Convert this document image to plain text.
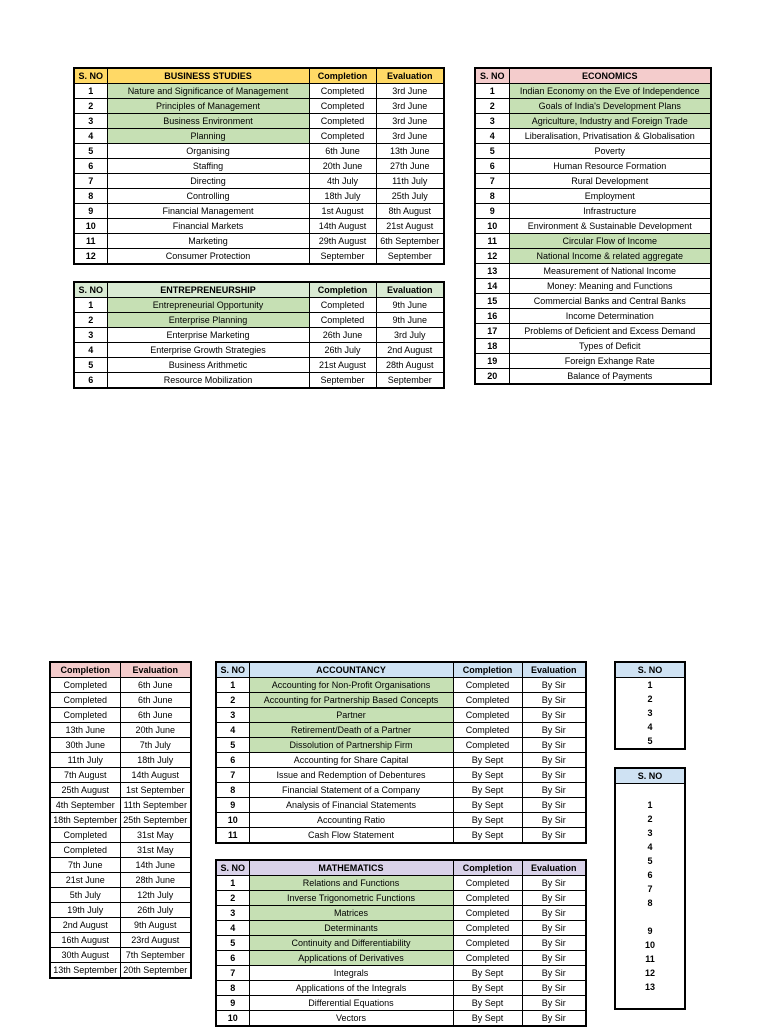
S. NO	BUSINESS STUDIES	Completion	Evaluation
1	Nature and Significance of Management	Completed	3rd June
2	Principles of Management	Completed	3rd June
3	Business Environment	Completed	3rd June
4	Planning	Completed	3rd June
5	Organising	6th June	13th June
6	Staffing	20th June	27th June
7	Directing	4th July	11th July
8	Controlling	18th July	25th July
9	Financial Management	1st August	8th August
10	Financial Markets	14th August	21st August
11	Marketing	29th August	6th September
12	Consumer Protection	September	September
S. NO	ENTREPRENEURSHIP	Completion	Evaluation
1	Entrepreneurial Opportunity	Completed	9th June
2	Enterprise Planning	Completed	9th June
3	Enterprise Marketing	26th June	3rd July
4	Enterprise Growth Strategies	26th July	2nd August
5	Business Arithmetic	21st August	28th August
6	Resource Mobilization	September	September
S. NO	ECONOMICS
1	Indian Economy on the Eve of Independence
2	Goals of India's Development Plans
3	Agriculture, Industry and Foreign Trade
4	Liberalisation, Privatisation & Globalisation
5	Poverty
6	Human Resource Formation
7	Rural Development
8	Employment
9	Infrastructure
10	Environment & Sustainable Development
11	Circular Flow of Income
12	National Income & related aggregate
13	Measurement of National Income
14	Money: Meaning and Functions
15	Commercial Banks and Central Banks
16	Income Determination
17	Problems of Deficient and Excess Demand
18	Types of Deficit
19	Foreign Exhange Rate
20	Balance of Payments
Completion	Evaluation
Completed	6th June
Completed	6th June
Completed	6th June
13th June	20th June
30th June	7th July
11th July	18th July
7th August	14th August
25th August	1st September
4th September	11th September
18th September	25th September
Completed	31st May
Completed	31st May
7th June	14th June
21st June	28th June
5th July	12th July
19th July	26th July
2nd August	9th August
16th August	23rd August
30th August	7th September
13th September	20th September
S. NO	ACCOUNTANCY	Completion	Evaluation
1	Accounting for Non-Profit Organisations	Completed	By Sir
2	Accounting for Partnership Based Concepts	Completed	By Sir
3	Partner	Completed	By Sir
4	Retirement/Death of a Partner	Completed	By Sir
5	Dissolution of Partnership Firm	Completed	By Sir
6	Accounting for Share Capital	By Sept	By Sir
7	Issue and Redemption of Debentures	By Sept	By Sir
8	Financial Statement of a Company	By Sept	By Sir
9	Analysis of Financial Statements	By Sept	By Sir
10	Accounting Ratio	By Sept	By Sir
11	Cash Flow Statement	By Sept	By Sir
S. NO	MATHEMATICS	Completion	Evaluation
1	Relations and Functions	Completed	By Sir
2	Inverse Trigonometric Functions	Completed	By Sir
3	Matrices	Completed	By Sir
4	Determinants	Completed	By Sir
5	Continuity and Differentiability	Completed	By Sir
6	Applications of Derivatives	Completed	By Sir
7	Integrals	By Sept	By Sir
8	Applications of the Integrals	By Sept	By Sir
9	Differential Equations	By Sept	By Sir
10	Vectors	By Sept	By Sir
S. NO
1
2
3
4
5
S. NO

1
2
3
4
5
6
7
8

9
10
11
12
13
